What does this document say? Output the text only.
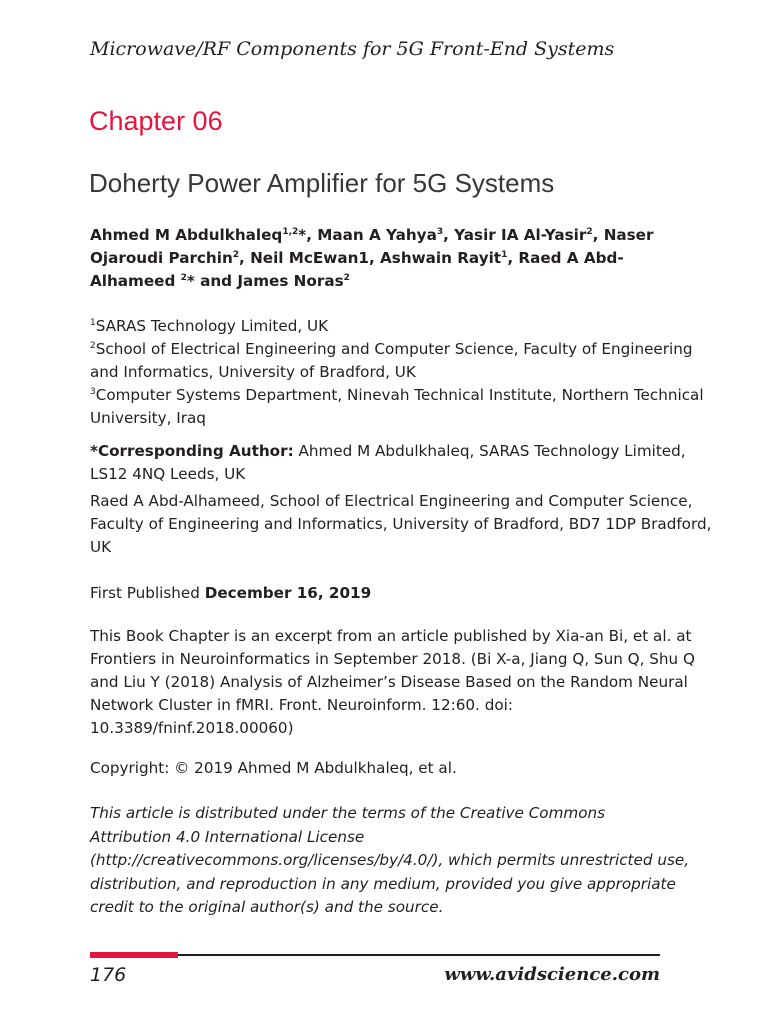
Microwave/RF Components for 5G Front-End Systems
Chapter 06
Doherty Power Amplifier for 5G Systems
Ahmed M Abdulkhaleq$^{1,2}$*, Maan A Yahya$^3$, Yasir IA Al-Yasir$^2$, Naser Ojaroudi Parchin$^2$, Neil McEwan1, Ashwain Rayit$^1$, Raed A Abd-Alhameed $^2$* and James Noras$^2$
$^1$SARAS Technology Limited, UK
$^2$School of Electrical Engineering and Computer Science, Faculty of Engineering and Informatics, University of Bradford, UK
$^3$Computer Systems Department, Ninevah Technical Institute, Northern Technical University, Iraq
*Corresponding Author: Ahmed M Abdulkhaleq, SARAS Technology Limited, LS12 4NQ Leeds, UK
Raed A Abd-Alhameed, School of Electrical Engineering and Computer Science, Faculty of Engineering and Informatics, University of Bradford, BD7 1DP Bradford, UK
First Published December 16, 2019
This Book Chapter is an excerpt from an article published by Xia-an Bi, et al. at Frontiers in Neuroinformatics in September 2018. (Bi X-a, Jiang Q, Sun Q, Shu Q and Liu Y (2018) Analysis of Alzheimer’s Disease Based on the Random Neural Network Cluster in fMRI. Front. Neuroinform. 12:60. doi: 10.3389/fninf.2018.00060)
Copyright: © 2019 Ahmed M Abdulkhaleq, et al.
This article is distributed under the terms of the Creative Commons Attribution 4.0 International License (http://creativecommons.org/licenses/by/4.0/), which permits unrestricted use, distribution, and reproduction in any medium, provided you give appropriate credit to the original author(s) and the source.
176	www.avidscience.com
